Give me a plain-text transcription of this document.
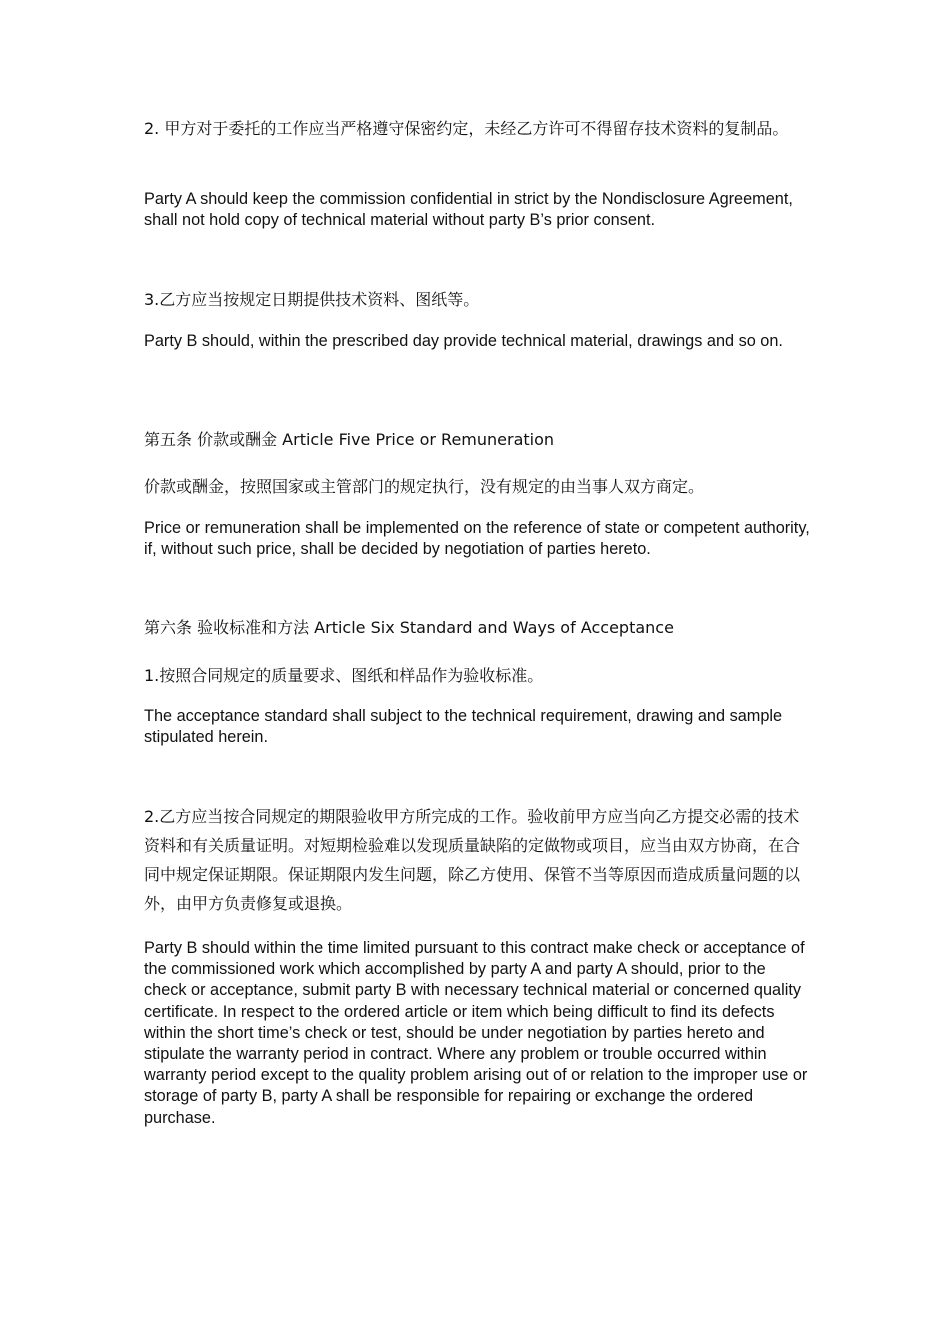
2. 甲方对于委托的工作应当严格遵守保密约定，未经乙方许可不得留存技术资料的复制品。

Party A should keep the commission confidential in strict by the Nondisclosure Agreement, shall not hold copy of technical material without party B’s prior consent.

3.乙方应当按规定日期提供技术资料、图纸等。

Party B should, within the prescribed day provide technical material, drawings and so on.

第五条 价款或酬金 Article Five Price or Remuneration

价款或酬金，按照国家或主管部门的规定执行，没有规定的由当事人双方商定。

Price or remuneration shall be implemented on the reference of state or competent authority, if, without such price, shall be decided by negotiation of parties hereto.

第六条 验收标准和方法 Article Six Standard and Ways of Acceptance

1.按照合同规定的质量要求、图纸和样品作为验收标准。

The acceptance standard shall subject to the technical requirement, drawing and sample stipulated herein.

2.乙方应当按合同规定的期限验收甲方所完成的工作。验收前甲方应当向乙方提交必需的技术资料和有关质量证明。对短期检验难以发现质量缺陷的定做物或项目，应当由双方协商，在合同中规定保证期限。保证期限内发生问题，除乙方使用、保管不当等原因而造成质量问题的以外，由甲方负责修复或退换。

Party B should within the time limited pursuant to this contract make check or acceptance of the commissioned work which accomplished by party A and party A should, prior to the check or acceptance, submit party B with necessary technical material or concerned quality certificate. In respect to the ordered article or item which being difficult to find its defects within the short time’s check or test, should be under negotiation by parties hereto and stipulate the warranty period in contract. Where any problem or trouble occurred within warranty period except to the quality problem arising out of or relation to the improper use or storage of party B, party A shall be responsible for repairing or exchange the ordered purchase.
